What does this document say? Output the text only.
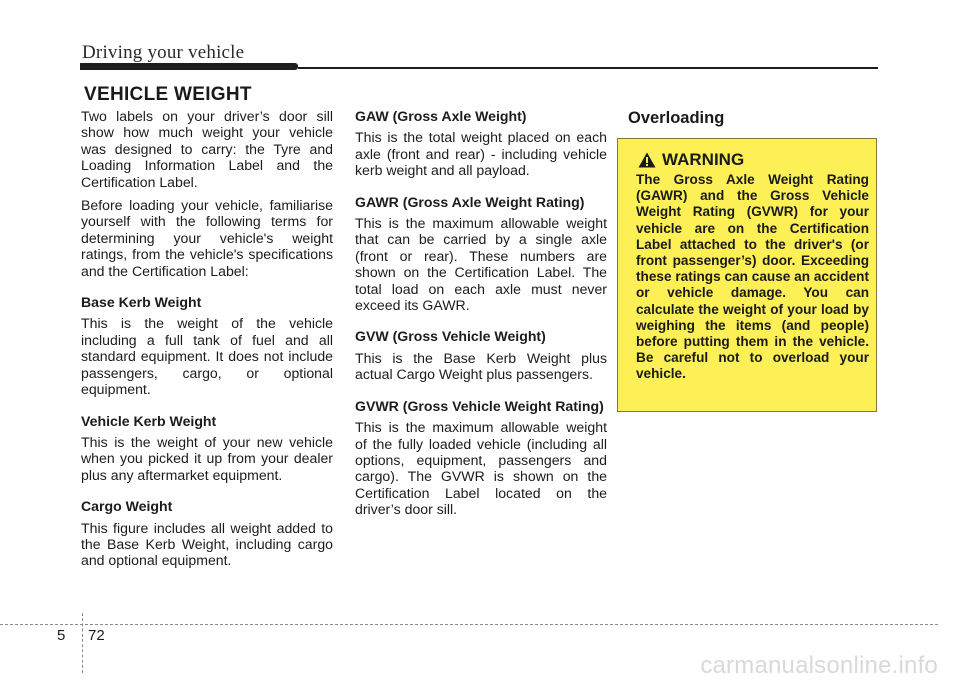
Driving your vehicle
VEHICLE WEIGHT

Two labels on your driver’s door sill show how much weight your vehicle was designed to carry: the Tyre and Loading Information Label and the Certification Label.

Before loading your vehicle, familiarise yourself with the following terms for determining your vehicle's weight ratings, from the vehicle's specifications and the Certification Label:

Base Kerb Weight

This is the weight of the vehicle including a full tank of fuel and all standard equipment. It does not include passengers, cargo, or optional equipment.

Vehicle Kerb Weight

This is the weight of your new vehicle when you picked it up from your dealer plus any aftermarket equipment.

Cargo Weight

This figure includes all weight added to the Base Kerb Weight, including cargo and optional equipment.

GAW (Gross Axle Weight)

This is the total weight placed on each axle (front and rear) - including vehicle kerb weight and all payload.

GAWR (Gross Axle Weight Rating)

This is the maximum allowable weight that can be carried by a single axle (front or rear). These numbers are shown on the Certification Label. The total load on each axle must never exceed its GAWR.

GVW (Gross Vehicle Weight)

This is the Base Kerb Weight plus actual Cargo Weight plus passengers.

GVWR (Gross Vehicle Weight Rating)

This is the maximum allowable weight of the fully loaded vehicle (including all options, equipment, passengers and cargo). The GVWR is shown on the Certification Label located on the driver’s door sill.

Overloading
WARNING
The Gross Axle Weight Rating (GAWR) and the Gross Vehicle Weight Rating (GVWR) for your vehicle are on the Certification Label attached to the driver's (or front passenger’s) door. Exceeding these ratings can cause an accident or vehicle damage. You can calculate the weight of your load by weighing the items (and people) before putting them in the vehicle. Be careful not to overload your vehicle.
5 72
carmanualsonline.info
